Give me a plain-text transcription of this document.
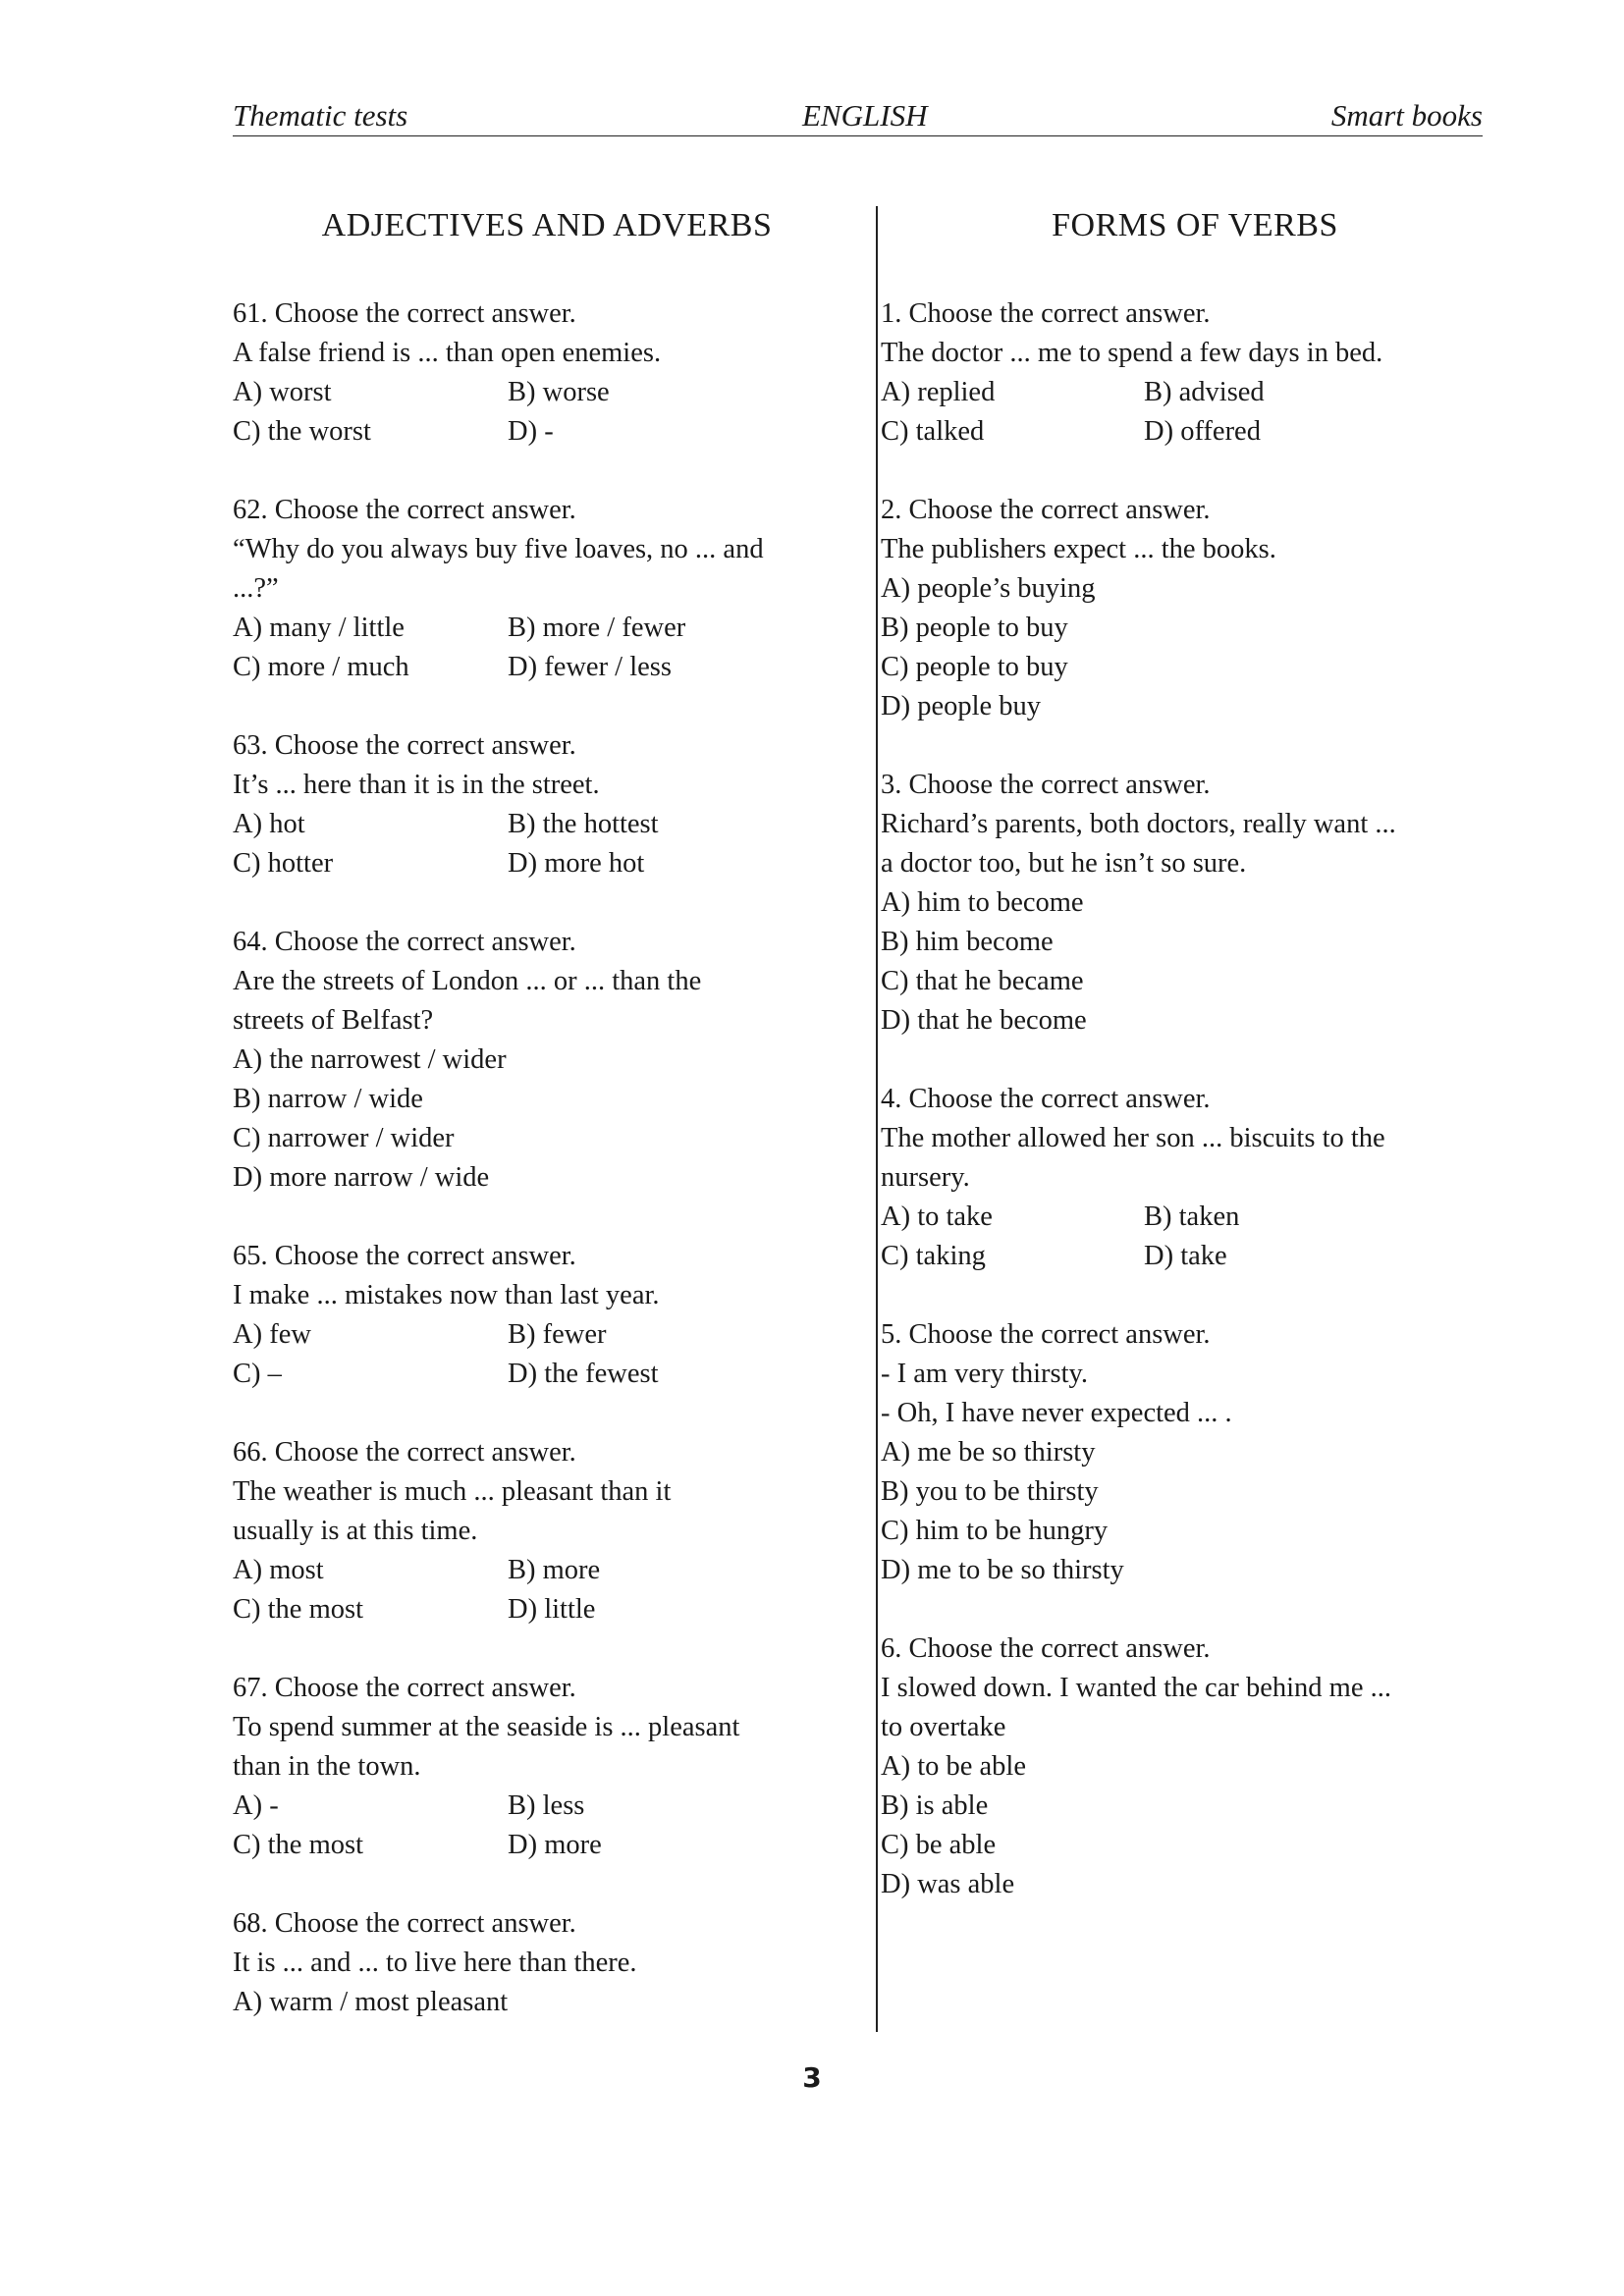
Thematic tests	ENGLISH	Smart books
ADJECTIVES AND ADVERBS
61. Choose the correct answer.
A false friend is ... than open enemies.
A) worst	B) worse
C) the worst	D) -
62. Choose the correct answer.
“Why do you always buy five loaves, no ... and
...?”
A) many / little	B) more / fewer
C) more / much	D) fewer / less
63. Choose the correct answer.
It’s ... here than it is in the street.
A) hot	B) the hottest
C) hotter	D) more hot
64. Choose the correct answer.
Are the streets of London ... or ... than the
streets of Belfast?
A) the narrowest / wider
B) narrow / wide
C) narrower / wider
D) more narrow / wide
65. Choose the correct answer.
I make ... mistakes now than last year.
A) few	B) fewer
C) –	D) the fewest
66. Choose the correct answer.
The weather is much ... pleasant than it
usually is at this time.
A) most	B) more
C) the most	D) little
67. Choose the correct answer.
To spend summer at the seaside is ... pleasant
than in the town.
A) -	B) less
C) the most	D) more
68. Choose the correct answer.
It is ... and ... to live here than there.
A) warm / most pleasant
FORMS OF VERBS
1. Choose the correct answer.
The doctor ... me to spend a few days in bed.
A) replied	B) advised
C) talked	D) offered
2. Choose the correct answer.
The publishers expect ... the books.
A) people’s buying
B) people to buy
C) people to buy
D) people buy
3. Choose the correct answer.
Richard’s parents, both doctors, really want ...
a doctor too, but he isn’t so sure.
A) him to become
B) him become
C) that he became
D) that he become
4. Choose the correct answer.
The mother allowed her son ... biscuits to the
nursery.
A) to take	B) taken
C) taking	D) take
5. Choose the correct answer.
- I am very thirsty.
- Oh, I have never expected ... .
A) me be so thirsty
B) you to be thirsty
C) him to be hungry
D) me to be so thirsty
6. Choose the correct answer.
I slowed down. I wanted the car behind me ...
to overtake
A) to be able
B) is able
C) be able
D) was able
3
